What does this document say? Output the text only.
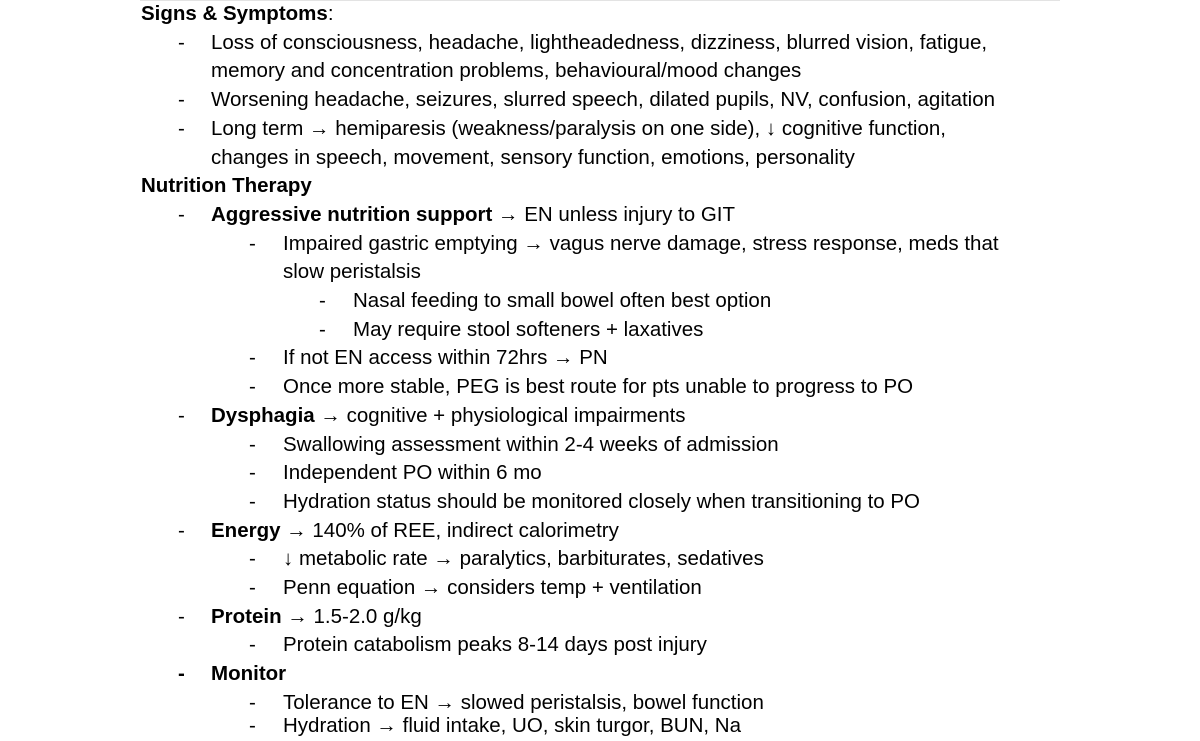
Signs & Symptoms:
-	Loss of consciousness, headache, lightheadedness, dizziness, blurred vision, fatigue,
memory and concentration problems, behavioural/mood changes
-	Worsening headache, seizures, slurred speech, dilated pupils, NV, confusion, agitation
-	Long term → hemiparesis (weakness/paralysis on one side), ↓ cognitive function,
changes in speech, movement, sensory function, emotions, personality
Nutrition Therapy
-	Aggressive nutrition support → EN unless injury to GIT
-	Impaired gastric emptying → vagus nerve damage, stress response, meds that
slow peristalsis
-	Nasal feeding to small bowel often best option
-	May require stool softeners + laxatives
-	If not EN access within 72hrs → PN
-	Once more stable, PEG is best route for pts unable to progress to PO
-	Dysphagia → cognitive + physiological impairments
-	Swallowing assessment within 2-4 weeks of admission
-	Independent PO within 6 mo
-	Hydration status should be monitored closely when transitioning to PO
-	Energy → 140% of REE, indirect calorimetry
-	↓ metabolic rate → paralytics, barbiturates, sedatives
-	Penn equation → considers temp + ventilation
-	Protein → 1.5-2.0 g/kg
-	Protein catabolism peaks 8-14 days post injury
-	Monitor
-	Tolerance to EN → slowed peristalsis, bowel function
-	Hydration → fluid intake, UO, skin turgor, BUN, Na
